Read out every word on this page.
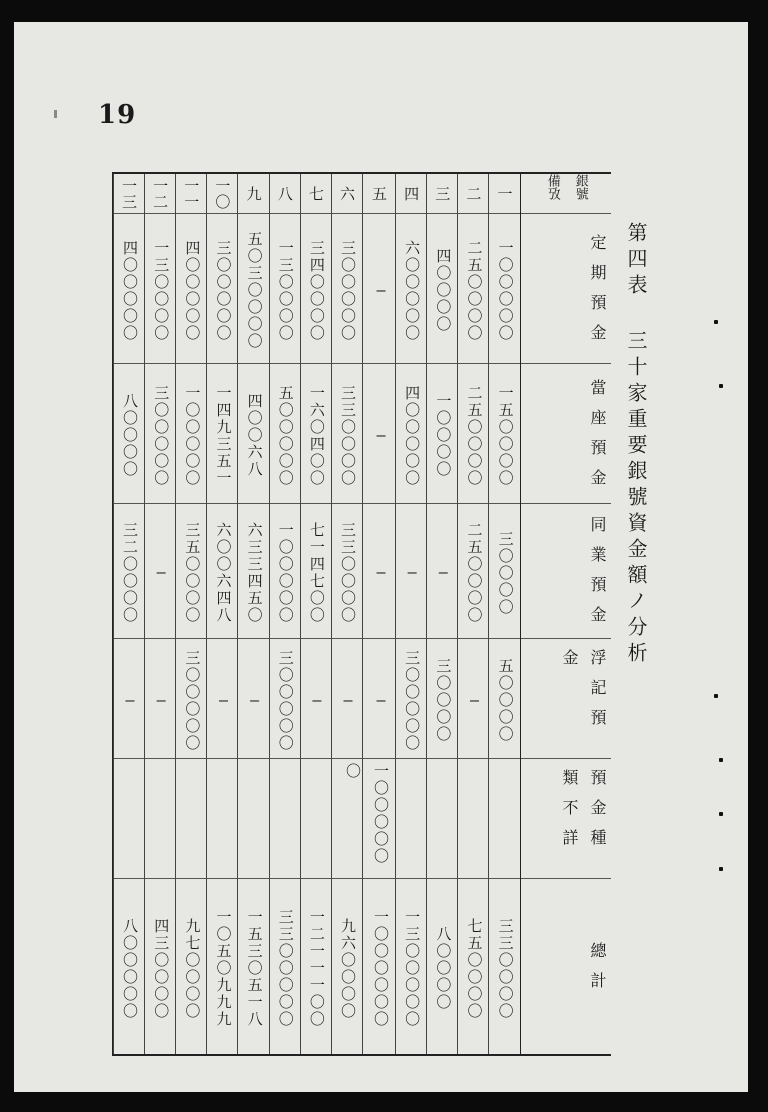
19
銀號 備攷
定期預金
當座預金
同業預金
浮記預金
預金種類不詳
總計
一
一〇〇〇〇〇
一五〇〇〇〇
三〇〇〇〇
五〇〇〇〇
三三〇〇〇〇
二
二五〇〇〇〇
二五〇〇〇〇
二五〇〇〇〇
—
七五〇〇〇〇
三
四〇〇〇〇
一〇〇〇〇
—
三〇〇〇〇
八〇〇〇〇
四
六〇〇〇〇〇
四〇〇〇〇〇
—
三〇〇〇〇〇
一三〇〇〇〇〇
五
—
—
—
—
一〇〇〇〇〇〇
一〇〇〇〇〇〇
六
三〇〇〇〇〇
三三〇〇〇〇
三三〇〇〇〇
—
九六〇〇〇〇
七
三四〇〇〇〇
一六〇四〇〇
七一四七〇〇
—
一二一一一〇〇
八
一三〇〇〇〇
五〇〇〇〇〇
一〇〇〇〇〇
三〇〇〇〇〇
三三〇〇〇〇〇
九
五〇三〇〇〇〇
四〇〇六八
六三三四五〇
—
一五三〇五一八
一〇
三〇〇〇〇〇
一四九三五一
六〇〇六四八
—
一〇五〇九九九
一一
四〇〇〇〇〇
一〇〇〇〇〇
三五〇〇〇〇
三〇〇〇〇〇
九七〇〇〇〇
一二
一三〇〇〇〇
三〇〇〇〇〇
—
—
四三〇〇〇〇
一三
四〇〇〇〇〇
八〇〇〇〇
三二〇〇〇〇
—
八〇〇〇〇〇
第四表 三十家重要銀號資金額ノ分析
